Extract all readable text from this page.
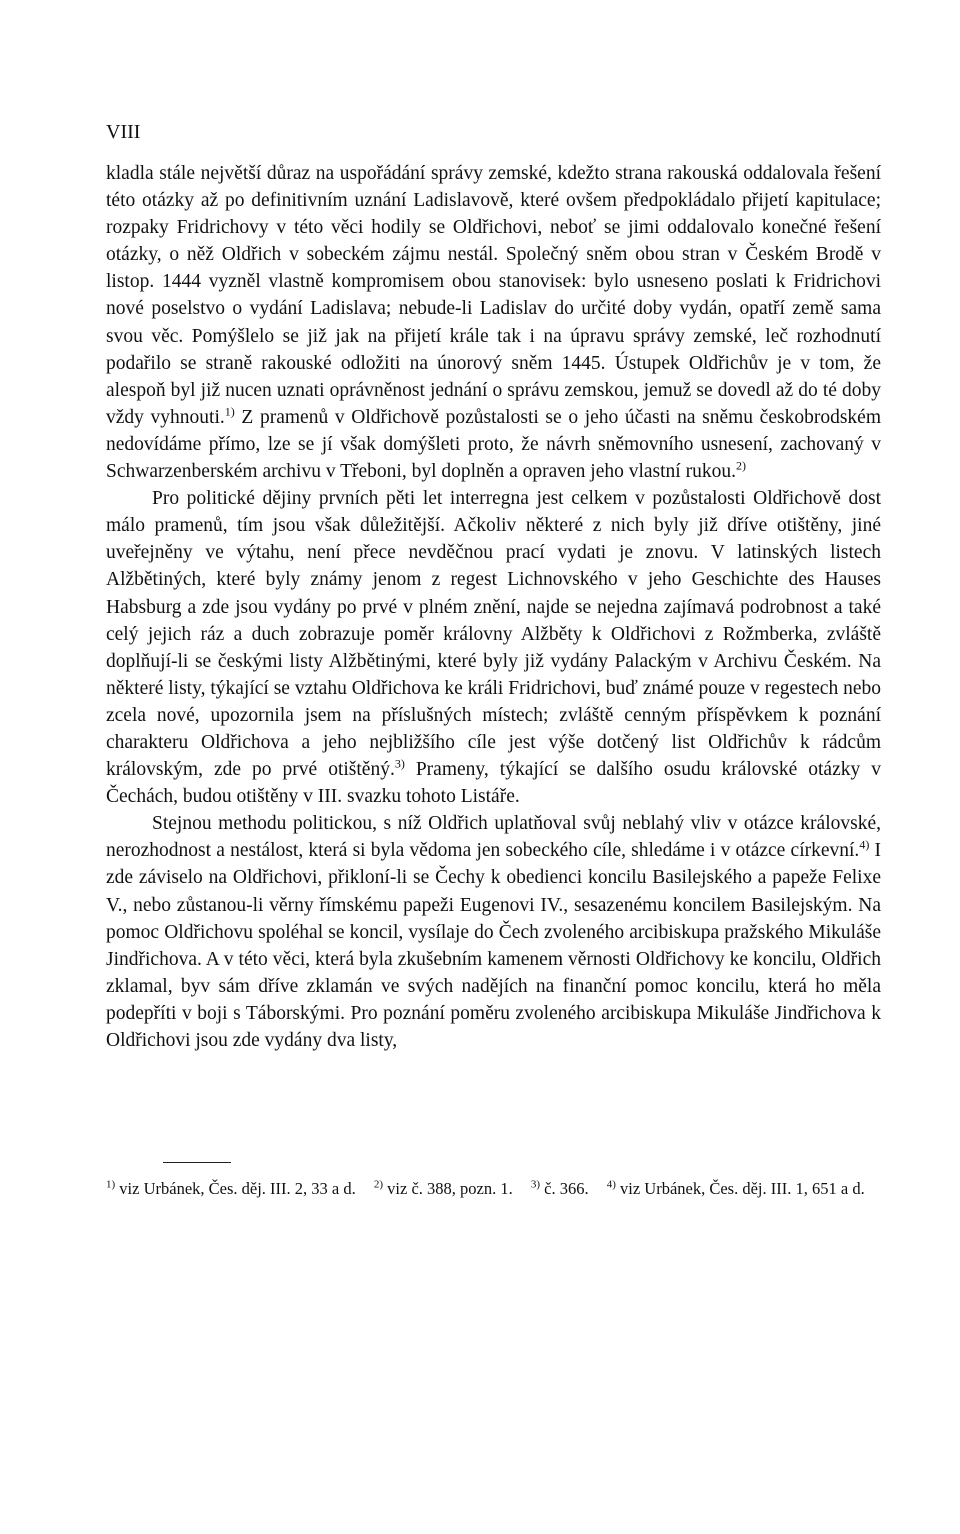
VIII

kladla stále největší důraz na uspořádání správy zemské, kdežto strana rakouská oddalovala řešení této otázky až po definitivním uznání Ladislavově, které ovšem předpokládalo přijetí kapitulace; rozpaky Fridrichovy v této věci hodily se Oldřichovi, neboť se jimi oddalovalo konečné řešení otázky, o něž Oldřich v sobeckém zájmu nestál. Společný sněm obou stran v Českém Brodě v listop. 1444 vyzněl vlastně kompromisem obou stanovisek: bylo usneseno poslati k Fridrichovi nové poselstvo o vydání Ladislava; nebude-li Ladislav do určité doby vydán, opatří země sama svou věc. Pomýšlelo se již jak na přijetí krále tak i na úpravu správy zemské, leč rozhodnutí podařilo se straně rakouské odložiti na únorový sněm 1445. Ústupek Oldřichův je v tom, že alespoň byl již nucen uznati oprávněnost jednání o správu zemskou, jemuž se dovedl až do té doby vždy vyhnouti.$^{1)}$ Z pramenů v Oldřichově pozůstalosti se o jeho účasti na sněmu českobrodském nedovídáme přímo, lze se jí však domýšleti proto, že návrh sněmovního usnesení, zachovaný v Schwarzenberském archivu v Třeboni, byl doplněn a opraven jeho vlastní rukou.$^{2)}$

Pro politické dějiny prvních pěti let interregna jest celkem v pozůstalosti Oldřichově dost málo pramenů, tím jsou však důležitější. Ačkoliv některé z nich byly již dříve otištěny, jiné uveřejněny ve výtahu, není přece nevděčnou prací vydati je znovu. V latinských listech Alžbětiných, které byly známy jenom z regest Lichnovského v jeho Geschichte des Hauses Habsburg a zde jsou vydány po prvé v plném znění, najde se nejedna zajímavá podrobnost a také celý jejich ráz a duch zobrazuje poměr královny Alžběty k Oldřichovi z Rožmberka, zvláště doplňují-li se českými listy Alžbětinými, které byly již vydány Palackým v Archivu Českém. Na některé listy, týkající se vztahu Oldřichova ke králi Fridrichovi, buď známé pouze v regestech nebo zcela nové, upozornila jsem na příslušných místech; zvláště cenným příspěvkem k poznání charakteru Oldřichova a jeho nejbližšího cíle jest výše dotčený list Oldřichův k rádcům královským, zde po prvé otištěný.$^{3)}$ Prameny, týkající se dalšího osudu královské otázky v Čechách, budou otištěny v III. svazku tohoto Listáře.

Stejnou methodu politickou, s níž Oldřich uplatňoval svůj neblahý vliv v otázce královské, nerozhodnost a nestálost, která si byla vědoma jen sobeckého cíle, shledáme i v otázce církevní.$^{4)}$ I zde záviselo na Oldřichovi, přikloní-li se Čechy k obedienci koncilu Basilejského a papeže Felixe V., nebo zůstanou-li věrny římskému papeži Eugenovi IV., sesazenému koncilem Basilejským. Na pomoc Oldřichovu spoléhal se koncil, vysílaje do Čech zvoleného arcibiskupa pražského Mikuláše Jindřichova. A v této věci, která byla zkušebním kamenem věrnosti Oldřichovy ke koncilu, Oldřich zklamal, byv sám dříve zklamán ve svých nadějích na finanční pomoc koncilu, která ho měla podepříti v boji s Táborskými. Pro poznání poměru zvoleného arcibiskupa Mikuláše Jindřichova k Oldřichovi jsou zde vydány dva listy,

$^{1)}$ viz Urbánek, Čes. děj. III. 2, 33 a d. $^{2)}$ viz č. 388, pozn. 1. $^{3)}$ č. 366. $^{4)}$ viz Urbánek, Čes. děj. III. 1, 651 a d.
